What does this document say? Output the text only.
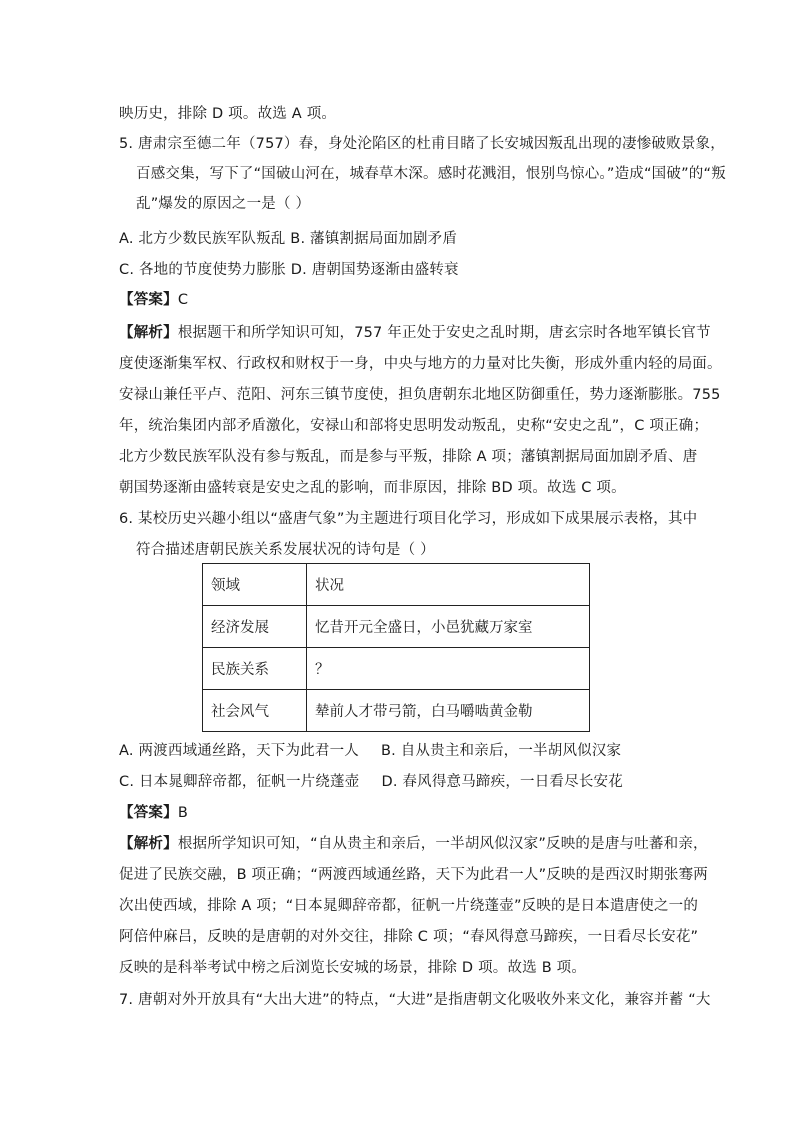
映历史，排除 D 项。故选 A 项。
5. 唐肃宗至德二年（757）春，身处沦陷区的杜甫目睹了长安城因叛乱出现的凄惨破败景象，
百感交集，写下了“国破山河在，城春草木深。感时花溅泪，恨别鸟惊心。”造成“国破”的“叛
乱”爆发的原因之一是（ ）
A. 北方少数民族军队叛乱 B. 藩镇割据局面加剧矛盾
C. 各地的节度使势力膨胀 D. 唐朝国势逐渐由盛转衰
【答案】C
【解析】根据题干和所学知识可知，757 年正处于安史之乱时期，唐玄宗时各地军镇长官节
度使逐渐集军权、行政权和财权于一身，中央与地方的力量对比失衡，形成外重内轻的局面。
安禄山兼任平卢、范阳、河东三镇节度使，担负唐朝东北地区防御重任，势力逐渐膨胀。755
年，统治集团内部矛盾激化，安禄山和部将史思明发动叛乱，史称“安史之乱”，C 项正确；
北方少数民族军队没有参与叛乱，而是参与平叛，排除 A 项；藩镇割据局面加剧矛盾、唐
朝国势逐渐由盛转衰是安史之乱的影响，而非原因，排除 BD 项。故选 C 项。
6. 某校历史兴趣小组以“盛唐气象”为主题进行项目化学习，形成如下成果展示表格，其中
符合描述唐朝民族关系发展状况的诗句是（ ）
领域	状况
经济发展	忆昔开元全盛日，小邑犹藏万家室
民族关系	？
社会风气	辇前人才带弓箭，白马嚼啮黄金勒
A. 两渡西域通丝路，天下为此君一人 B. 自从贵主和亲后，一半胡风似汉家
C. 日本晁卿辞帝都，征帆一片绕蓬壶 D. 春风得意马蹄疾，一日看尽长安花
【答案】B
【解析】根据所学知识可知，“自从贵主和亲后，一半胡风似汉家”反映的是唐与吐蕃和亲，
促进了民族交融，B 项正确；“两渡西域通丝路，天下为此君一人”反映的是西汉时期张骞两
次出使西域，排除 A 项；“日本晁卿辞帝都，征帆一片绕蓬壶”反映的是日本遣唐使之一的
阿倍仲麻吕，反映的是唐朝的对外交往，排除 C 项；“春风得意马蹄疾，一日看尽长安花”
反映的是科举考试中榜之后浏览长安城的场景，排除 D 项。故选 B 项。
7. 唐朝对外开放具有“大出大进”的特点，“大进”是指唐朝文化吸收外来文化，兼容并蓄 “大
